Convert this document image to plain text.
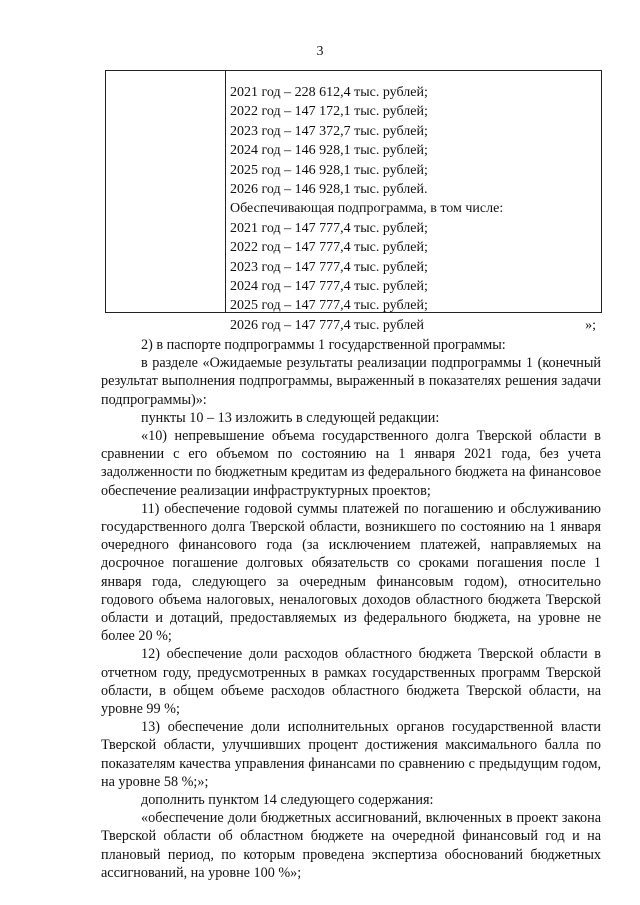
3
2021 год – 228 612,4 тыс. рублей;
2022 год – 147 172,1 тыс. рублей;
2023 год – 147 372,7 тыс. рублей;
2024 год – 146 928,1 тыс. рублей;
2025 год – 146 928,1 тыс. рублей;
2026 год – 146 928,1 тыс. рублей.
Обеспечивающая подпрограмма, в том числе:
2021 год – 147 777,4 тыс. рублей;
2022 год – 147 777,4 тыс. рублей;
2023 год – 147 777,4 тыс. рублей;
2024 год – 147 777,4 тыс. рублей;
2025 год – 147 777,4 тыс. рублей;
2026 год – 147 777,4 тыс. рублей	»;

2) в паспорте подпрограммы 1 государственной программы:

в разделе «Ожидаемые результаты реализации подпрограммы 1 (конечный результат выполнения подпрограммы, выраженный в показателях решения задачи подпрограммы)»:

пункты 10 – 13 изложить в следующей редакции:

«10) непревышение объема государственного долга Тверской области в сравнении с его объемом по состоянию на 1 января 2021 года, без учета задолженности по бюджетным кредитам из федерального бюджета на финансовое обеспечение реализации инфраструктурных проектов;

11) обеспечение годовой суммы платежей по погашению и обслуживанию государственного долга Тверской области, возникшего по состоянию на 1 января очередного финансового года (за исключением платежей, направляемых на досрочное погашение долговых обязательств со сроками погашения после 1 января года, следующего за очередным финансовым годом), относительно годового объема налоговых, неналоговых доходов областного бюджета Тверской области и дотаций, предоставляемых из федерального бюджета, на уровне не более 20 %;

12) обеспечение доли расходов областного бюджета Тверской области в отчетном году, предусмотренных в рамках государственных программ Тверской области, в общем объеме расходов областного бюджета Тверской области, на уровне 99 %;

13) обеспечение доли исполнительных органов государственной власти Тверской области, улучшивших процент достижения максимального балла по показателям качества управления финансами по сравнению с предыдущим годом, на уровне 58 %;»;

дополнить пунктом 14 следующего содержания:

«обеспечение доли бюджетных ассигнований, включенных в проект закона Тверской области об областном бюджете на очередной финансовый год и на плановый период, по которым проведена экспертиза обоснований бюджетных ассигнований, на уровне 100 %»;
